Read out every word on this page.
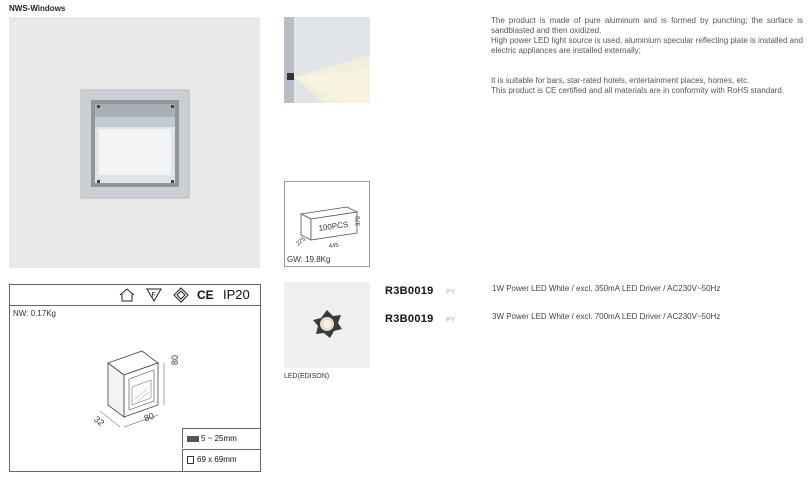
NWS-Windows

The product is made of pure aluminum and is formed by punching; the surface is sandblasted and then oxidized.

High power LED light source is used, aluminium specular reflecting plate is installed and electric appliances are installed externally;

It is suitable for bars, star-rated hotels, entertainment places, homes, etc.

This product is CE certified and all materials are in conformity with RoHS standard.

100PCS 370
445
225
GW: 19.8Kg
F	CE IP20
NW: 0.17Kg
80
80
32
5 ~ 25mm
69 x 69mm
LED(EDISON)
R3B0019 PY	1W Power LED White / excl. 350mA LED Driver / AC230V~50Hz
R3B0019 PY	3W Power LED White / excl. 700mA LED Driver / AC230V~50Hz
